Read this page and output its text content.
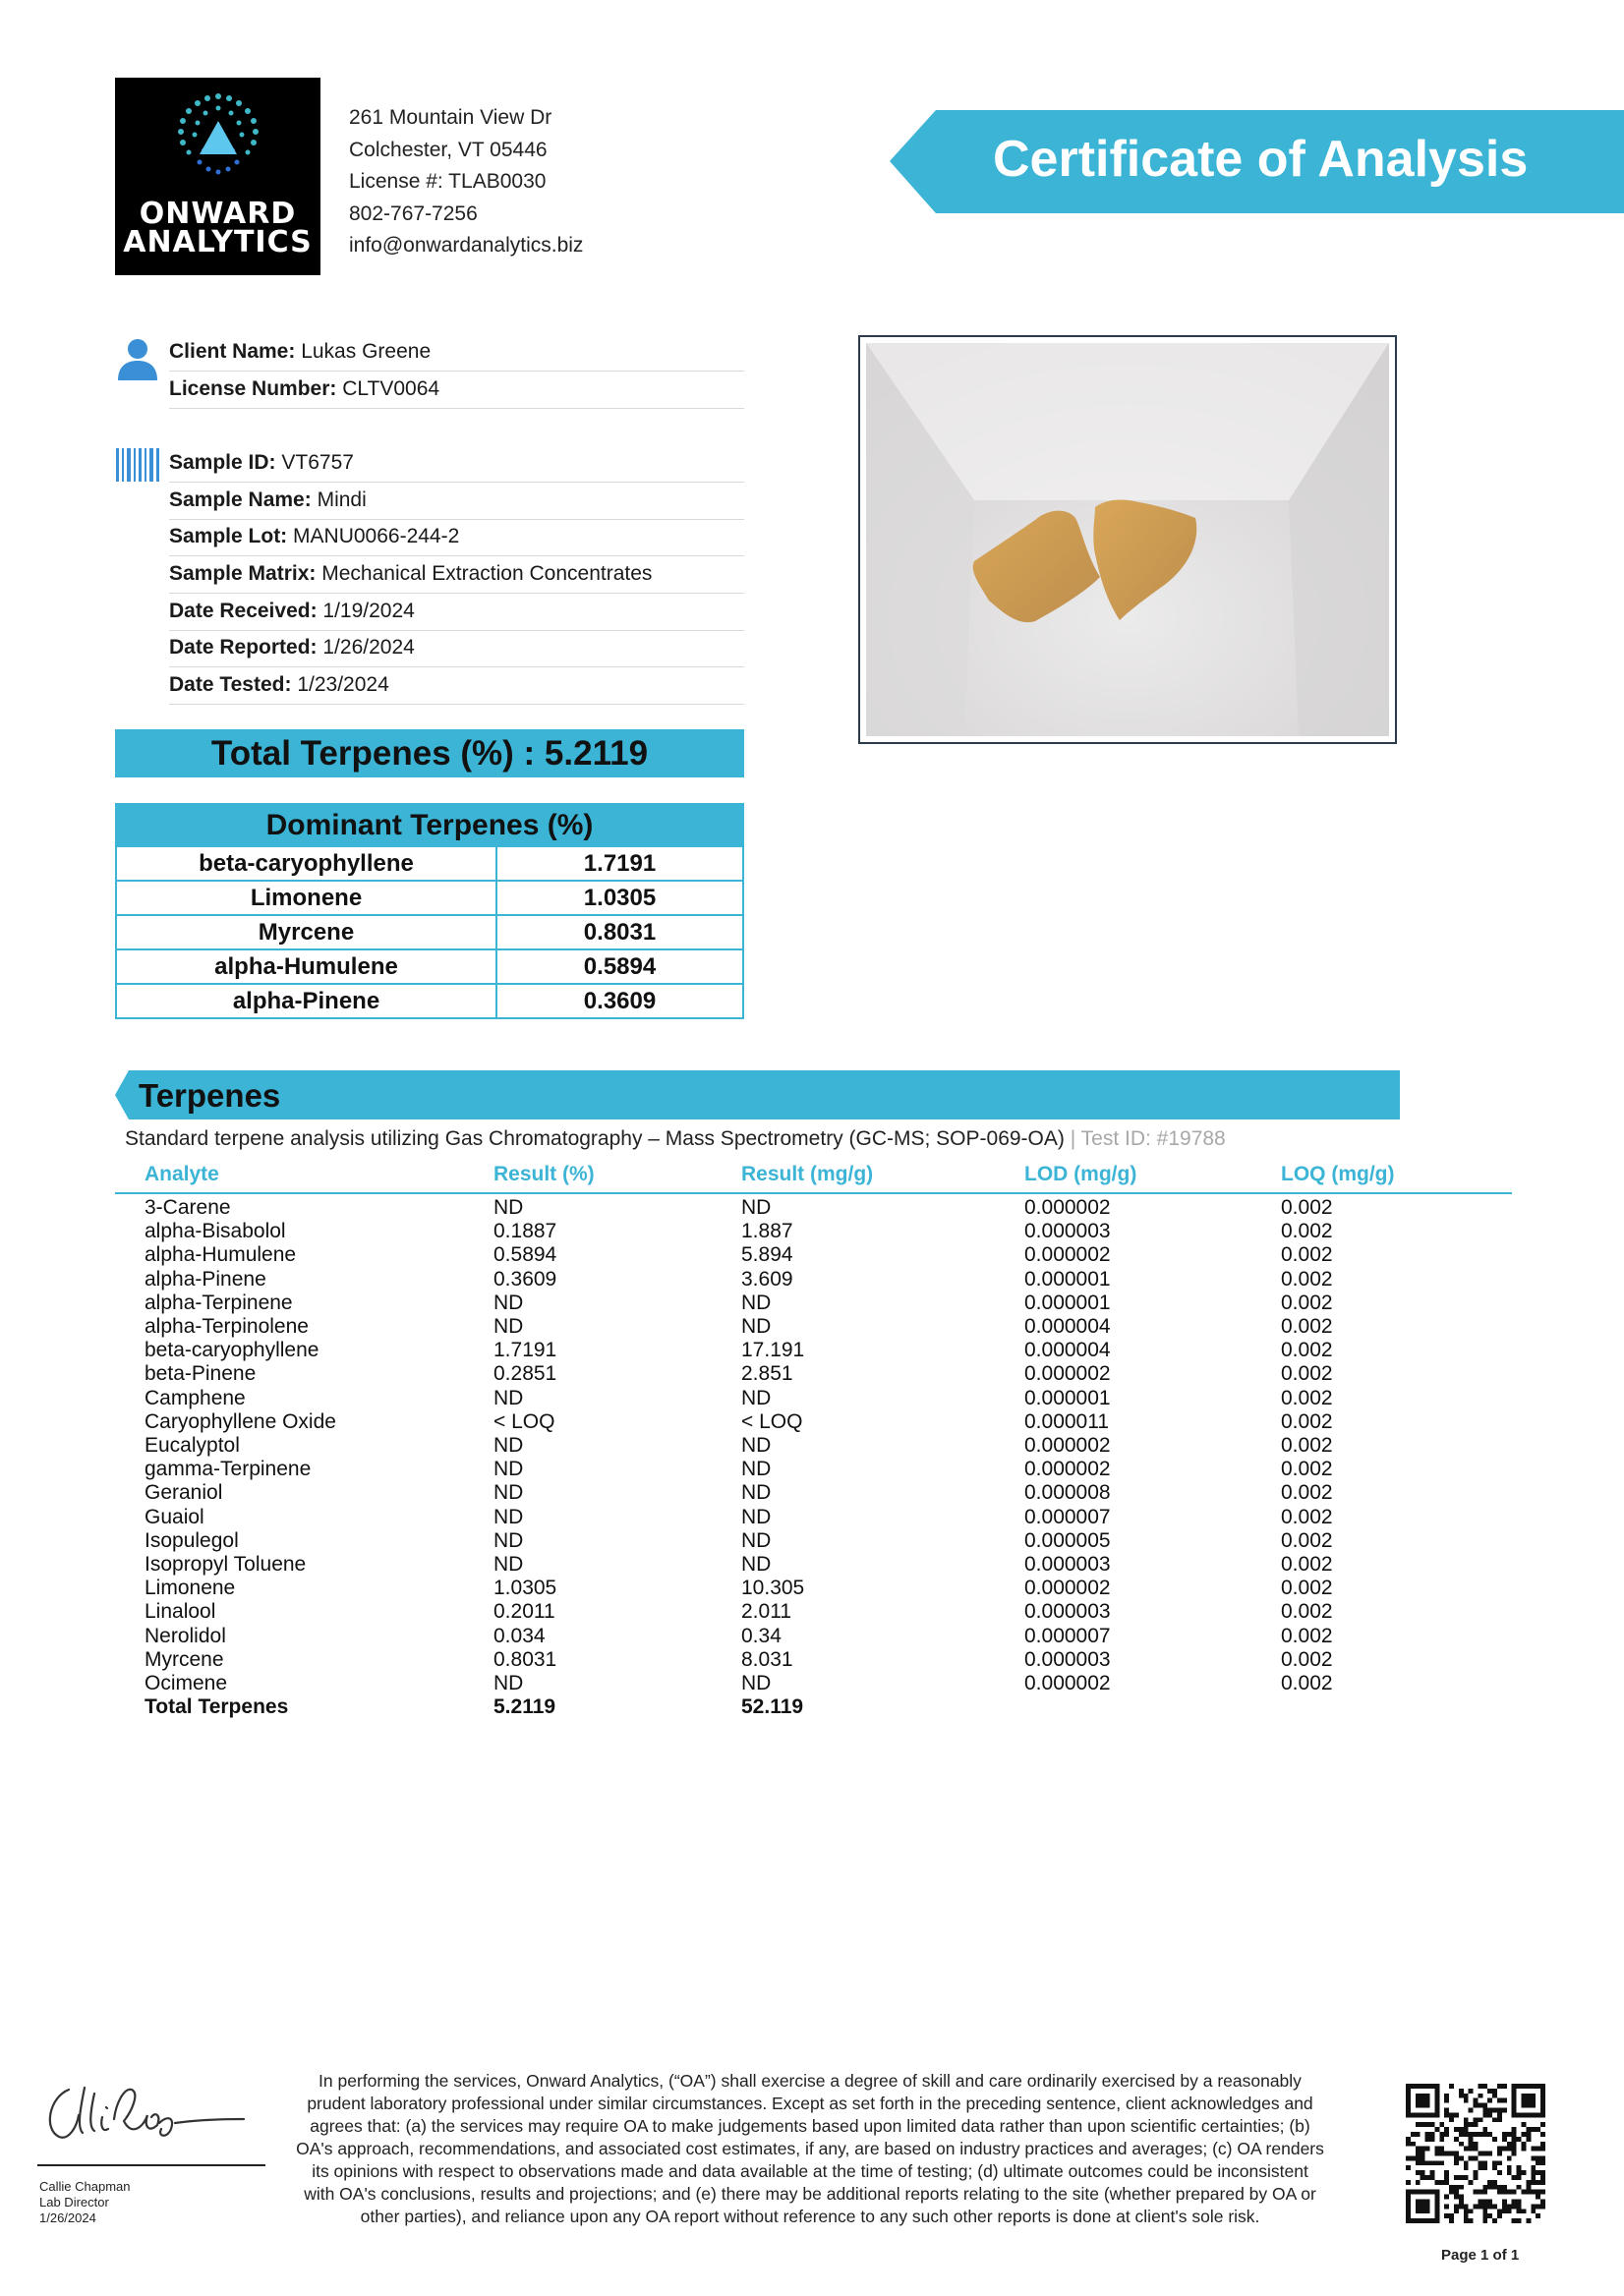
ONWARD
ANALYTICS
261 Mountain View Dr
Colchester, VT 05446
License #: TLAB0030
802-767-7256
info@onwardanalytics.biz
Certificate of Analysis
Client Name: Lukas Greene
License Number: CLTV0064
Sample ID: VT6757
Sample Name: Mindi
Sample Lot: MANU0066-244-2
Sample Matrix: Mechanical Extraction Concentrates
Date Received: 1/19/2024
Date Reported: 1/26/2024
Date Tested: 1/23/2024
Total Terpenes (%) : 5.2119
Dominant Terpenes (%)	
beta-caryophyllene	1.7191
Limonene	1.0305
Myrcene	0.8031
alpha-Humulene	0.5894
alpha-Pinene	0.3609
Terpenes
Standard terpene analysis utilizing Gas Chromatography – Mass Spectrometry (GC-MS; SOP-069-OA) | Test ID: #19788
	Analyte	Result (%)	Result (mg/g)	LOD (mg/g)	LOQ (mg/g)
	3-Carene	ND	ND	0.000002	0.002
	alpha-Bisabolol	0.1887	1.887	0.000003	0.002
	alpha-Humulene	0.5894	5.894	0.000002	0.002
	alpha-Pinene	0.3609	3.609	0.000001	0.002
	alpha-Terpinene	ND	ND	0.000001	0.002
	alpha-Terpinolene	ND	ND	0.000004	0.002
	beta-caryophyllene	1.7191	17.191	0.000004	0.002
	beta-Pinene	0.2851	2.851	0.000002	0.002
	Camphene	ND	ND	0.000001	0.002
	Caryophyllene Oxide	< LOQ	< LOQ	0.000011	0.002
	Eucalyptol	ND	ND	0.000002	0.002
	gamma-Terpinene	ND	ND	0.000002	0.002
	Geraniol	ND	ND	0.000008	0.002
	Guaiol	ND	ND	0.000007	0.002
	Isopulegol	ND	ND	0.000005	0.002
	Isopropyl Toluene	ND	ND	0.000003	0.002
	Limonene	1.0305	10.305	0.000002	0.002
	Linalool	0.2011	2.011	0.000003	0.002
	Nerolidol	0.034	0.34	0.000007	0.002
	Myrcene	0.8031	8.031	0.000003	0.002
	Ocimene	ND	ND	0.000002	0.002
	Total Terpenes	5.2119	52.119		
Callie Chapman
Lab Director
1/26/2024
In performing the services, Onward Analytics, (“OA”) shall exercise a degree of skill and care ordinarily exercised by a reasonably prudent laboratory professional under similar circumstances. Except as set forth in the preceding sentence, client acknowledges and agrees that: (a) the services may require OA to make judgements based upon limited data rather than upon scientific certainties; (b) OA's approach, recommendations, and associated cost estimates, if any, are based on industry practices and averages; (c) OA renders its opinions with respect to observations made and data available at the time of testing; (d) ultimate outcomes could be inconsistent with OA's conclusions, results and projections; and (e) there may be additional reports relating to the site (whether prepared by OA or other parties), and reliance upon any OA report without reference to any such other reports is done at client's sole risk.
Page 1 of 1
